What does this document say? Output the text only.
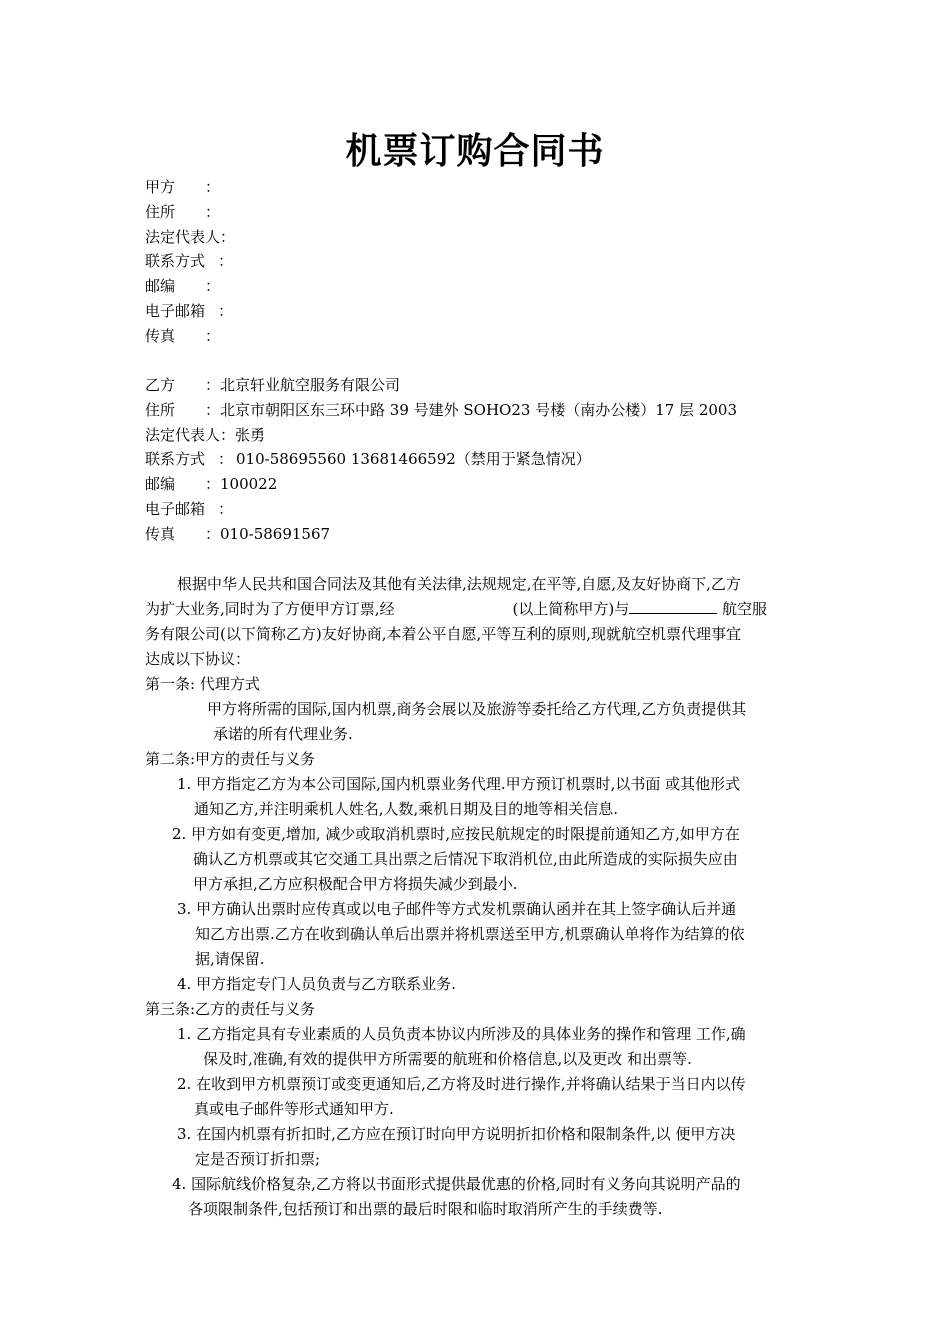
机票订购合同书
甲方 ：
住所 ：
法定代表人：
联系方式 ：
邮编 ：
电子邮箱 ：
传真 ：
乙方 ： 北京轩业航空服务有限公司
住所 ： 北京市朝阳区东三环中路 39 号建外 SOHO23 号楼（南办公楼）17 层 2003
法定代表人： 张勇
联系方式 ： 010-58695560 13681466592（禁用于紧急情况）
邮编 ： 100022
电子邮箱 ：
传真 ： 010-58691567
根据中华人民共和国合同法及其他有关法律,法规规定,在平等,自愿,及友好协商下,乙方
为扩大业务,同时为了方便甲方订票,经	(以上简称甲方)与	航空服
务有限公司(以下简称乙方)友好协商,本着公平自愿,平等互利的原则,现就航空机票代理事宜
达成以下协议：
第一条: 代理方式
甲方将所需的国际,国内机票,商务会展以及旅游等委托给乙方代理,乙方负责提供其
承诺的所有代理业务.
第二条:甲方的责任与义务
1. 甲方指定乙方为本公司国际,国内机票业务代理.甲方预订机票时,以书面 或其他形式
通知乙方,并注明乘机人姓名,人数,乘机日期及目的地等相关信息.
2. 甲方如有变更,增加, 减少或取消机票时,应按民航规定的时限提前通知乙方,如甲方在
确认乙方机票或其它交通工具出票之后情况下取消机位,由此所造成的实际损失应由
甲方承担,乙方应积极配合甲方将损失减少到最小.
3. 甲方确认出票时应传真或以电子邮件等方式发机票确认函并在其上签字确认后并通
知乙方出票.乙方在收到确认单后出票并将机票送至甲方,机票确认单将作为结算的依
据,请保留.
4. 甲方指定专门人员负责与乙方联系业务.
第三条:乙方的责任与义务
1. 乙方指定具有专业素质的人员负责本协议内所涉及的具体业务的操作和管理 工作,确
保及时,准确,有效的提供甲方所需要的航班和价格信息,以及更改 和出票等.
2. 在收到甲方机票预订或变更通知后,乙方将及时进行操作,并将确认结果于当日内以传
真或电子邮件等形式通知甲方.
3. 在国内机票有折扣时,乙方应在预订时向甲方说明折扣价格和限制条件,以 便甲方决
定是否预订折扣票;
4. 国际航线价格复杂,乙方将以书面形式提供最优惠的价格,同时有义务向其说明产品的
各项限制条件,包括预订和出票的最后时限和临时取消所产生的手续费等.
